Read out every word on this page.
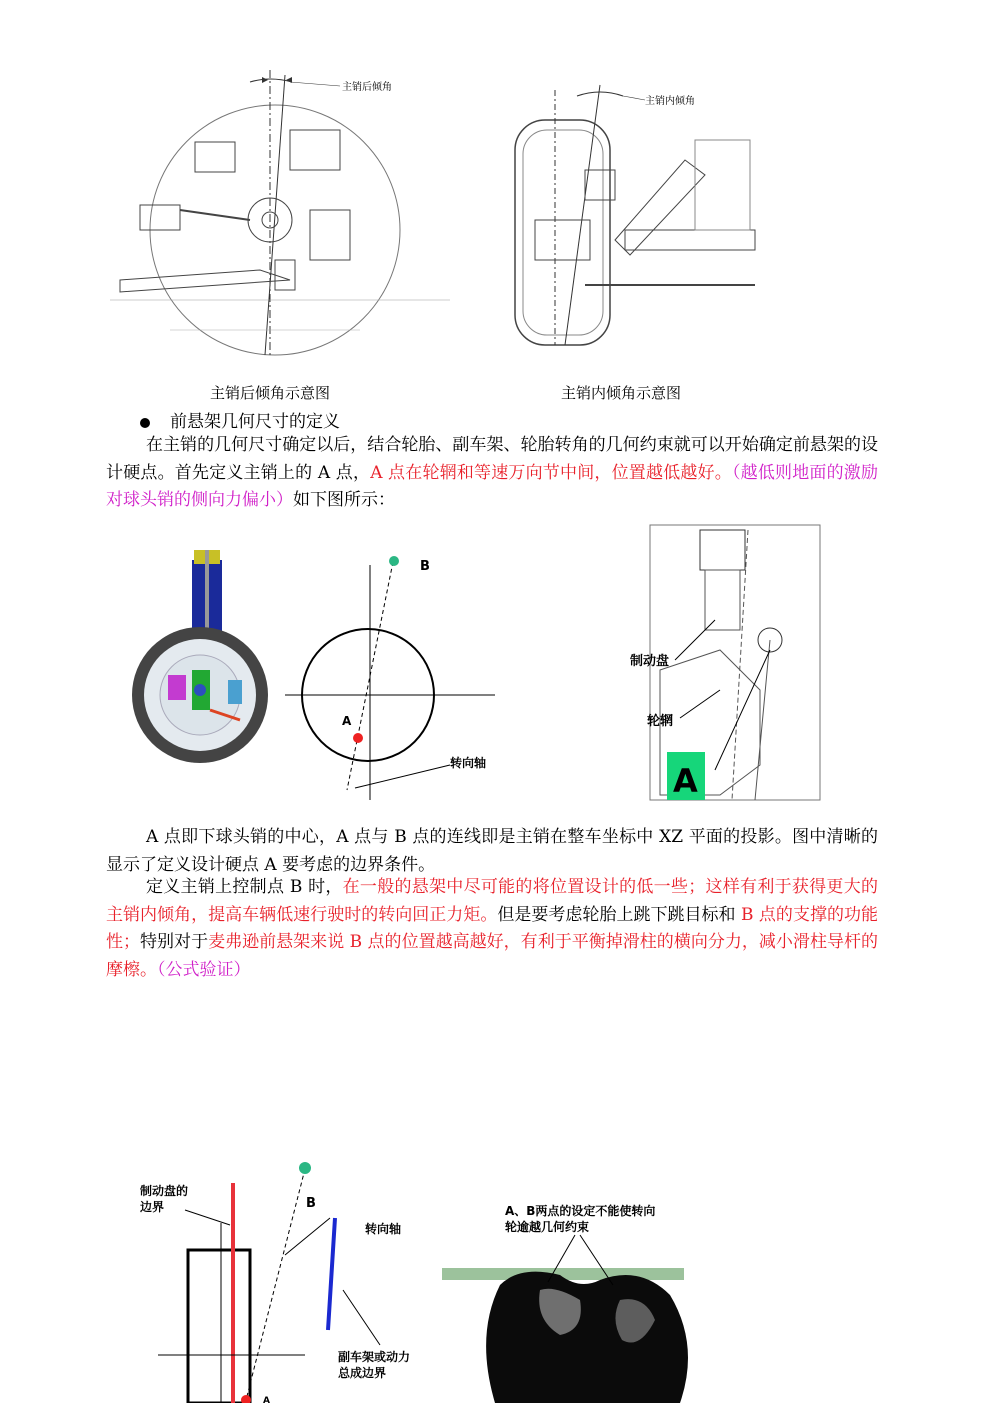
主销后倾角
主销内倾角
主销后倾角示意图	主销内倾角示意图
前悬架几何尺寸的定义
在主销的几何尺寸确定以后，结合轮胎、副车架、轮胎转角的几何约束就可以开始确定前悬架的设计硬点。首先定义主销上的 A 点，A 点在轮辋和等速万向节中间，位置越低越好。（越低则地面的激励对球头销的侧向力偏小）如下图所示：
B
A
转向轴
制动盘
轮辋
A
A 点即下球头销的中心，A 点与 B 点的连线即是主销在整车坐标中 XZ 平面的投影。图中清晰的显示了定义设计硬点 A 要考虑的边界条件。
定义主销上控制点 B 时，在一般的悬架中尽可能的将位置设计的低一些；这样有利于获得更大的主销内倾角，提高车辆低速行驶时的转向回正力矩。但是要考虑轮胎上跳下跳目标和 B 点的支撑的功能性；特别对于麦弗逊前悬架来说 B 点的位置越高越好，有利于平衡掉滑柱的横向分力，减小滑柱导杆的摩檫。（公式验证）
制动盘的
边界	B
转向轴
副车架或动力
总成边界
A
A、B两点的设定不能使转向
轮逾越几何约束
